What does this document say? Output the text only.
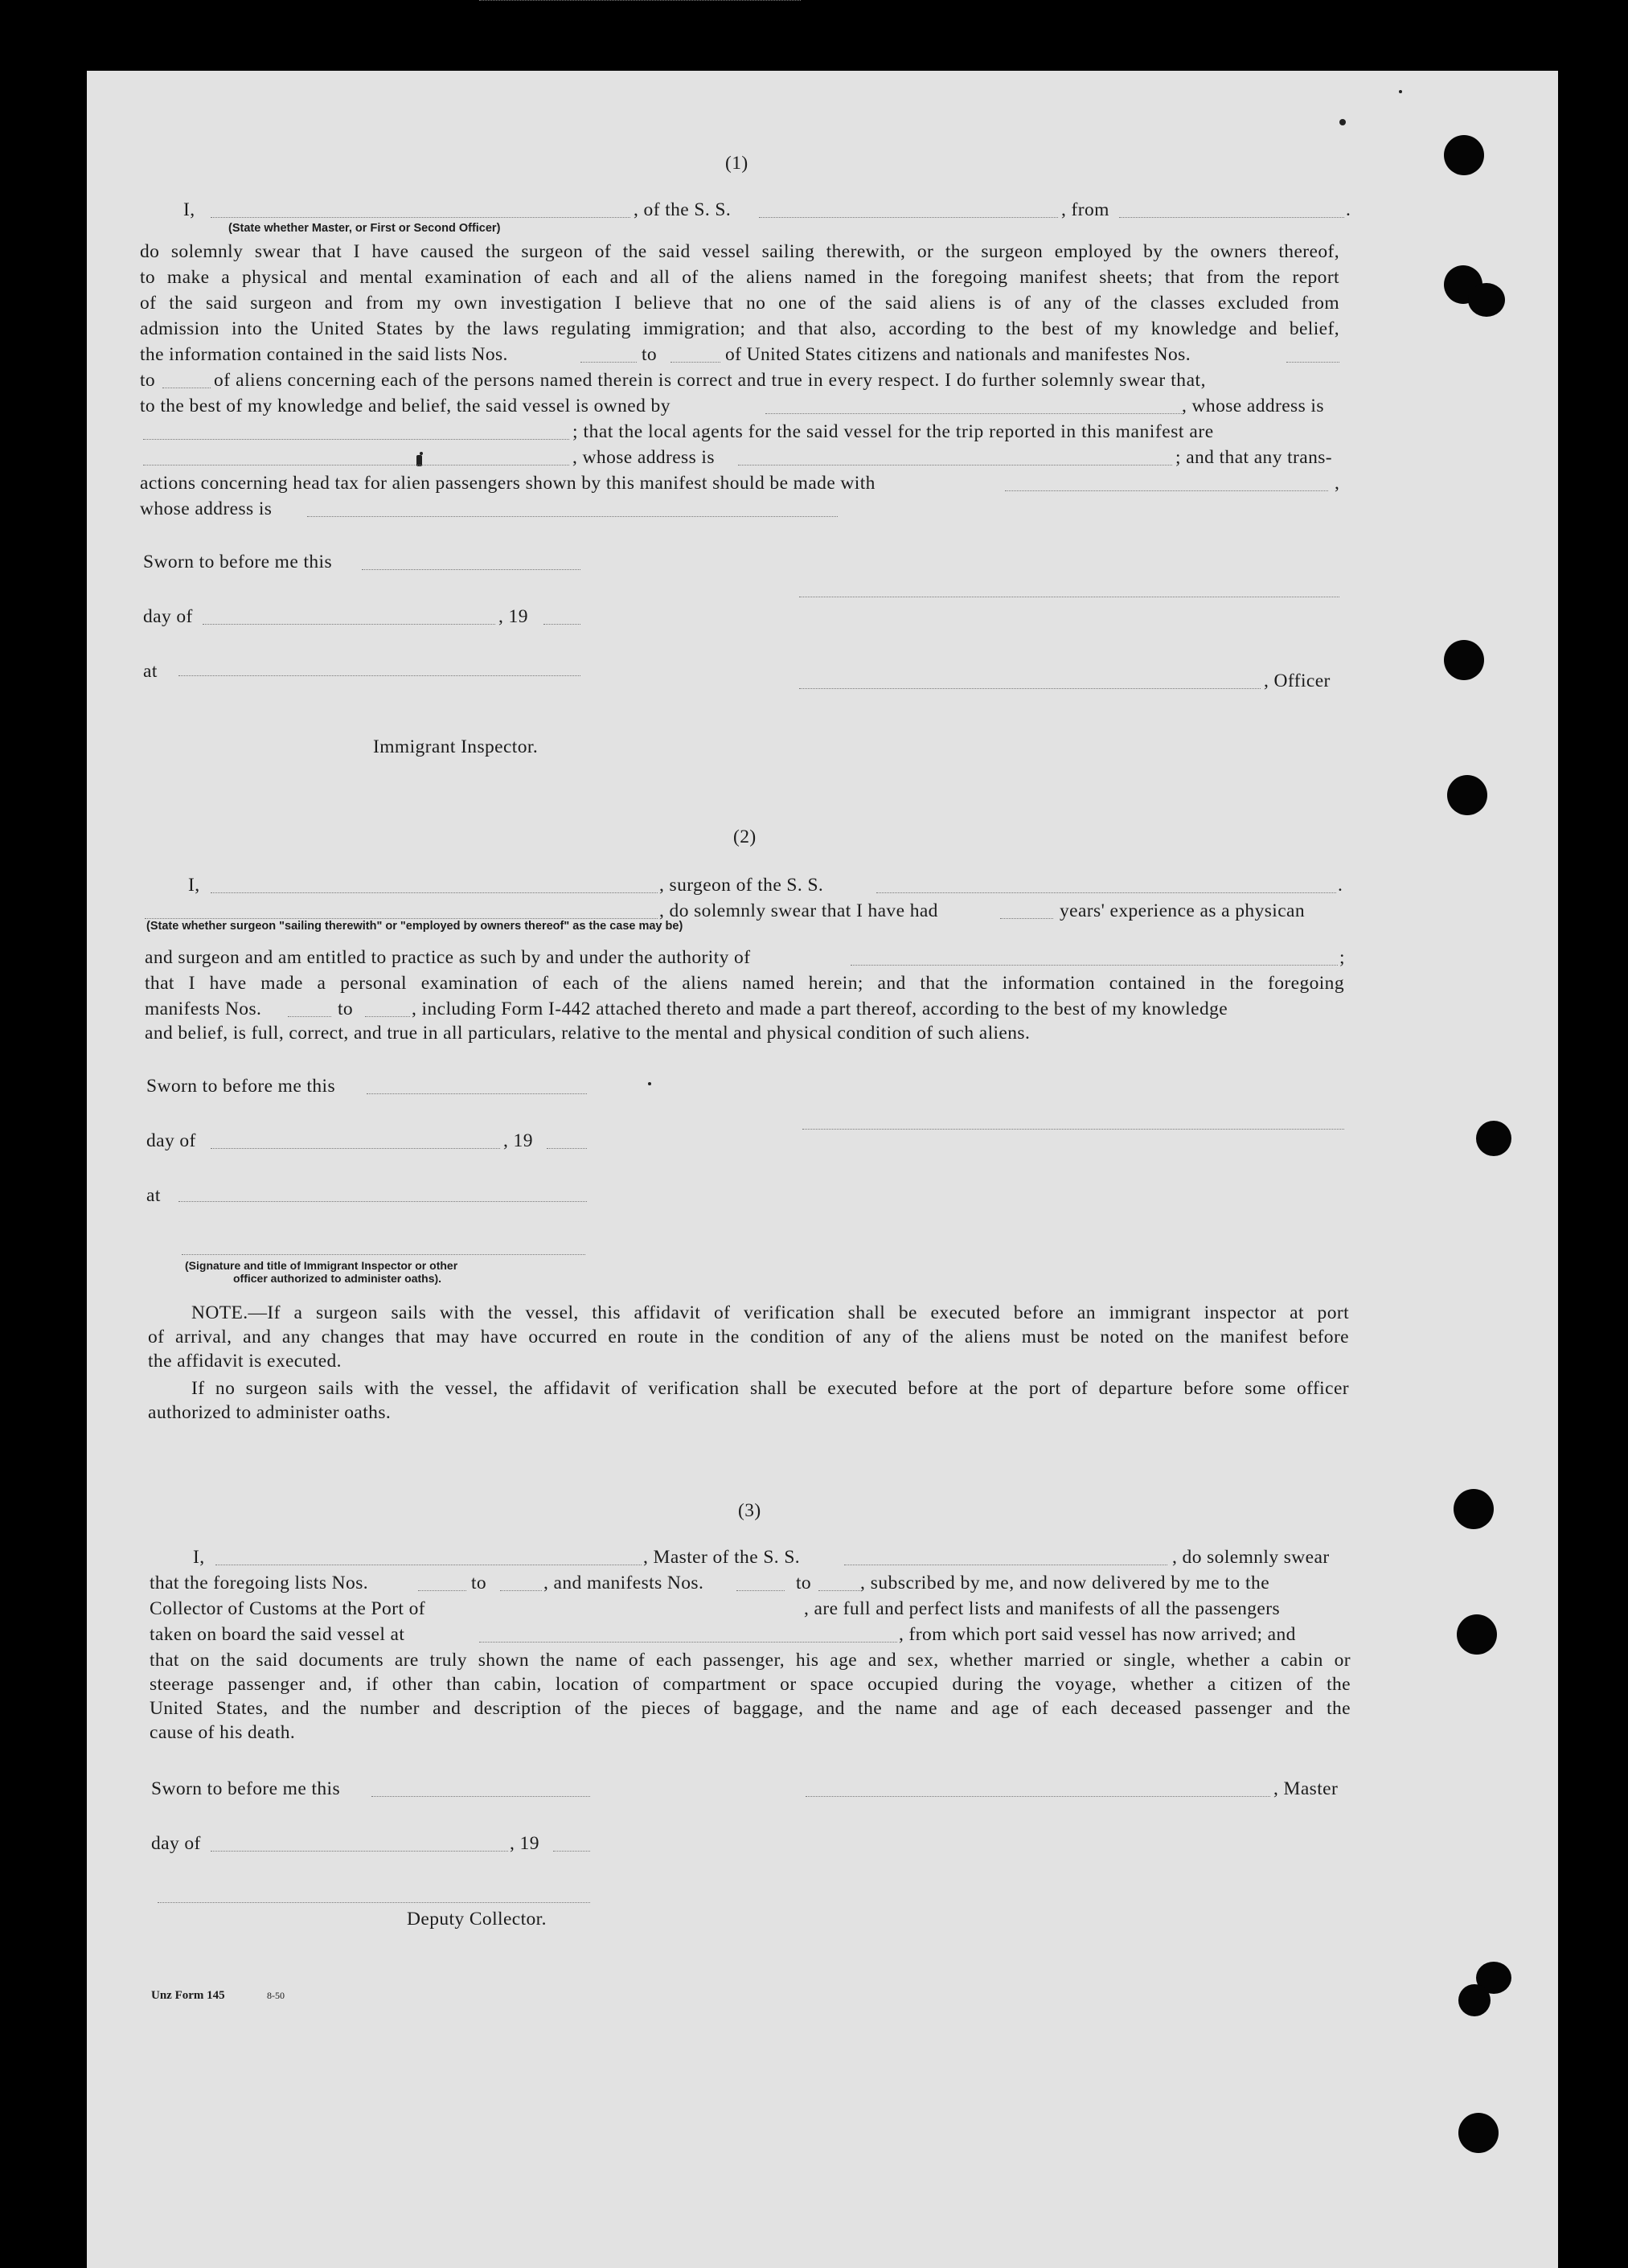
(1)
I,	, of the S. S.	, from	.
(State whether Master, or First or Second Officer)
do solemnly swear that I have caused the surgeon of the said vessel sailing therewith, or the surgeon employed by the owners thereof,
to make a physical and mental examination of each and all of the aliens named in the foregoing manifest sheets; that from the report
of the said surgeon and from my own investigation I believe that no one of the said aliens is of any of the classes excluded from
admission into the United States by the laws regulating immigration; and that also, according to the best of my knowledge and belief,
the information contained in the said lists Nos.	to	of United States citizens and nationals and manifestes Nos.
to	of aliens concerning each of the persons named therein is correct and true in every respect. I do further solemnly swear that,
to the best of my knowledge and belief, the said vessel is owned by	, whose address is
; that the local agents for the said vessel for the trip reported in this manifest are
, whose address is	; and that any trans-
actions concerning head tax for alien passengers shown by this manifest should be made with	,
whose address is
Sworn to before me this
day of	, 19
at	, Officer
Immigrant Inspector.
(2)
I,	, surgeon of the S. S.	.
, do solemnly swear that I have had	years' experience as a physican
(State whether surgeon "sailing therewith" or "employed by owners thereof" as the case may be)
and surgeon and am entitled to practice as such by and under the authority of	;
that I have made a personal examination of each of the aliens named herein; and that the information contained in the foregoing
manifests Nos.	to	, including Form I-442 attached thereto and made a part thereof, according to the best of my knowledge
and belief, is full, correct, and true in all particulars, relative to the mental and physical condition of such aliens.
Sworn to before me this
day of	, 19
at
(Signature and title of Immigrant Inspector or other
officer authorized to administer oaths).
NOTE.—If a surgeon sails with the vessel, this affidavit of verification shall be executed before an immigrant inspector at port
of arrival, and any changes that may have occurred en route in the condition of any of the aliens must be noted on the manifest before
the affidavit is executed.
If no surgeon sails with the vessel, the affidavit of verification shall be executed before at the port of departure before some officer
authorized to administer oaths.
(3)
I,	, Master of the S. S.	, do solemnly swear
that the foregoing lists Nos.	to	, and manifests Nos.	to	, subscribed by me, and now delivered by me to the
Collector of Customs at the Port of	, are full and perfect lists and manifests of all the passengers
taken on board the said vessel at	, from which port said vessel has now arrived; and
that on the said documents are truly shown the name of each passenger, his age and sex, whether married or single, whether a cabin or
steerage passenger and, if other than cabin, location of compartment or space occupied during the voyage, whether a citizen of the
United States, and the number and description of the pieces of baggage, and the name and age of each deceased passenger and the
cause of his death.
Sworn to before me this	, Master
day of	, 19
Deputy Collector.
Unz Form 145	8-50
